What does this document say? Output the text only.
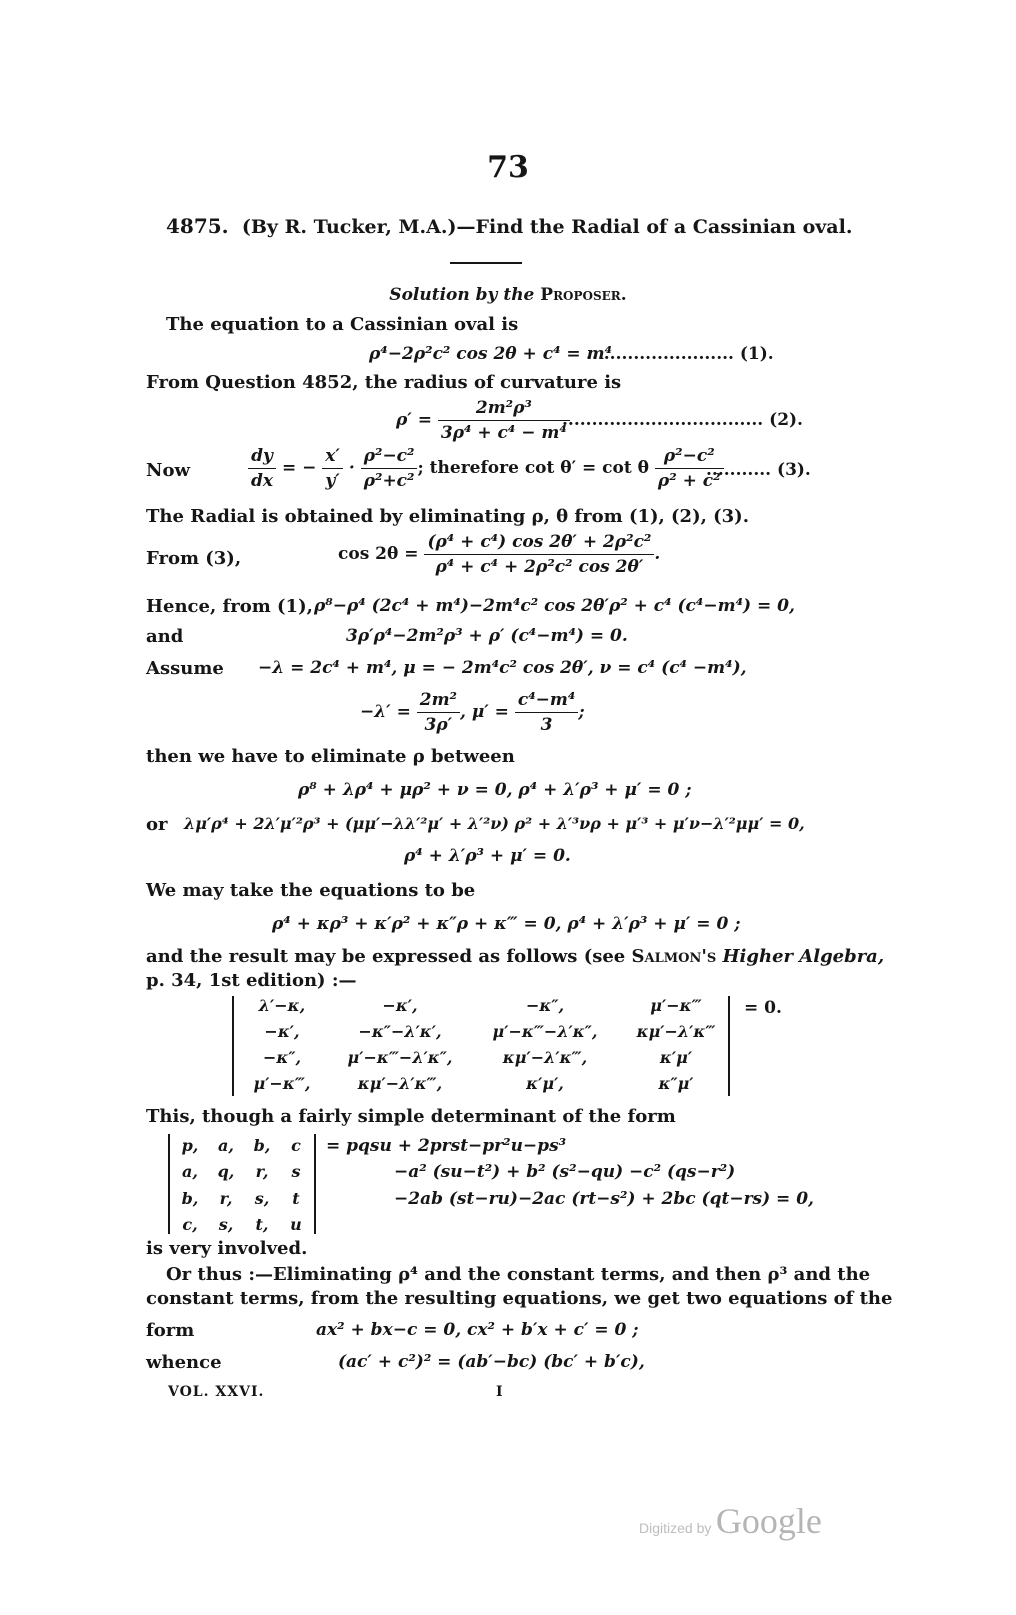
73
4875. (By R. Tucker, M.A.)—Find the Radial of a Cassinian oval.
Solution by the Proposer.
The equation to a Cassinian oval is
ρ⁴−2ρ²c² cos 2θ + c⁴ = m⁴
......................... (1).
From Question 4852, the radius of curvature is
$\rho' = \frac{\text{2m²ρ³}}{\text{3ρ⁴ + c⁴ − m⁴}}$
.................................. (2).
Now	$\frac{dy}{dx}$ = − $\frac{x'}{y'} \cdot \frac{\text{ρ²−c²}}{\text{ρ²+c²}}$ ; therefore cot θ′ = cot θ $\frac{\text{ρ²−c²}}{\text{ρ² + c²}}$
........... (3).
The Radial is obtained by eliminating ρ, θ from (1), (2), (3).
From (3),	$\cos 2\theta = \frac{\text{(ρ⁴ + c⁴) cos 2θ′ + 2ρ²c²}}{\text{ρ⁴ + c⁴ + 2ρ²c² cos 2θ′}}$ .
Hence, from (1), ρ⁸−ρ⁴ (2c⁴ + m⁴)−2m⁴c² cos 2θ′ρ² + c⁴ (c⁴−m⁴) = 0,
and	3ρ′ρ⁴−2m²ρ³ + ρ′ (c⁴−m⁴) = 0.
Assume −λ = 2c⁴ + m⁴, μ = − 2m⁴c² cos 2θ′, ν = c⁴ (c⁴ −m⁴),
$-\lambda' = \frac{\text{2m²}}{3\rho'}$ , $\mu' = \frac{\text{c⁴−m⁴}}{3}$ ;
then we have to eliminate ρ between
ρ⁸ + λρ⁴ + μρ² + ν = 0, ρ⁴ + λ′ρ³ + μ′ = 0 ;
or λμ′ρ⁴ + 2λ′μ′²ρ³ + (μμ′−λλ′²μ′ + λ′²ν) ρ² + λ′³νρ + μ′³ + μ′ν−λ′²μμ′ = 0,
ρ⁴ + λ′ρ³ + μ′ = 0.
We may take the equations to be
ρ⁴ + κρ³ + κ′ρ² + κ″ρ + κ‴ = 0, ρ⁴ + λ′ρ³ + μ′ = 0 ;
and the result may be expressed as follows (see Salmon's Higher Algebra,
p. 34, 1st edition) :—
λ′−κ,	−κ′,	−κ″,	μ′−κ‴
−κ′,	−κ″−λ′κ′,	μ′−κ‴−λ′κ″,	κμ′−λ′κ‴
−κ″,	μ′−κ‴−λ′κ″,	κμ′−λ′κ‴,	κ′μ′
μ′−κ‴,	κμ′−λ′κ‴,	κ′μ′,	κ″μ′
= 0.
This, though a fairly simple determinant of the form
p,	a,	b,	c
a,	q,	r,	s
b,	r,	s,	t
c,	s,	t,	u
= pqsu + 2prst−pr²u−ps³
−a² (su−t²) + b² (s²−qu) −c² (qs−r²)
−2ab (st−ru)−2ac (rt−s²) + 2bc (qt−rs) = 0,
is very involved.
Or thus :—Eliminating ρ⁴ and the constant terms, and then ρ³ and the
constant terms, from the resulting equations, we get two equations of the
form	ax² + bx−c = 0, cx² + b′x + c′ = 0 ;
whence	(ac′ + c²)² = (ab′−bc) (bc′ + b′c),
VOL. XXVI.	I
Digitized by Google
